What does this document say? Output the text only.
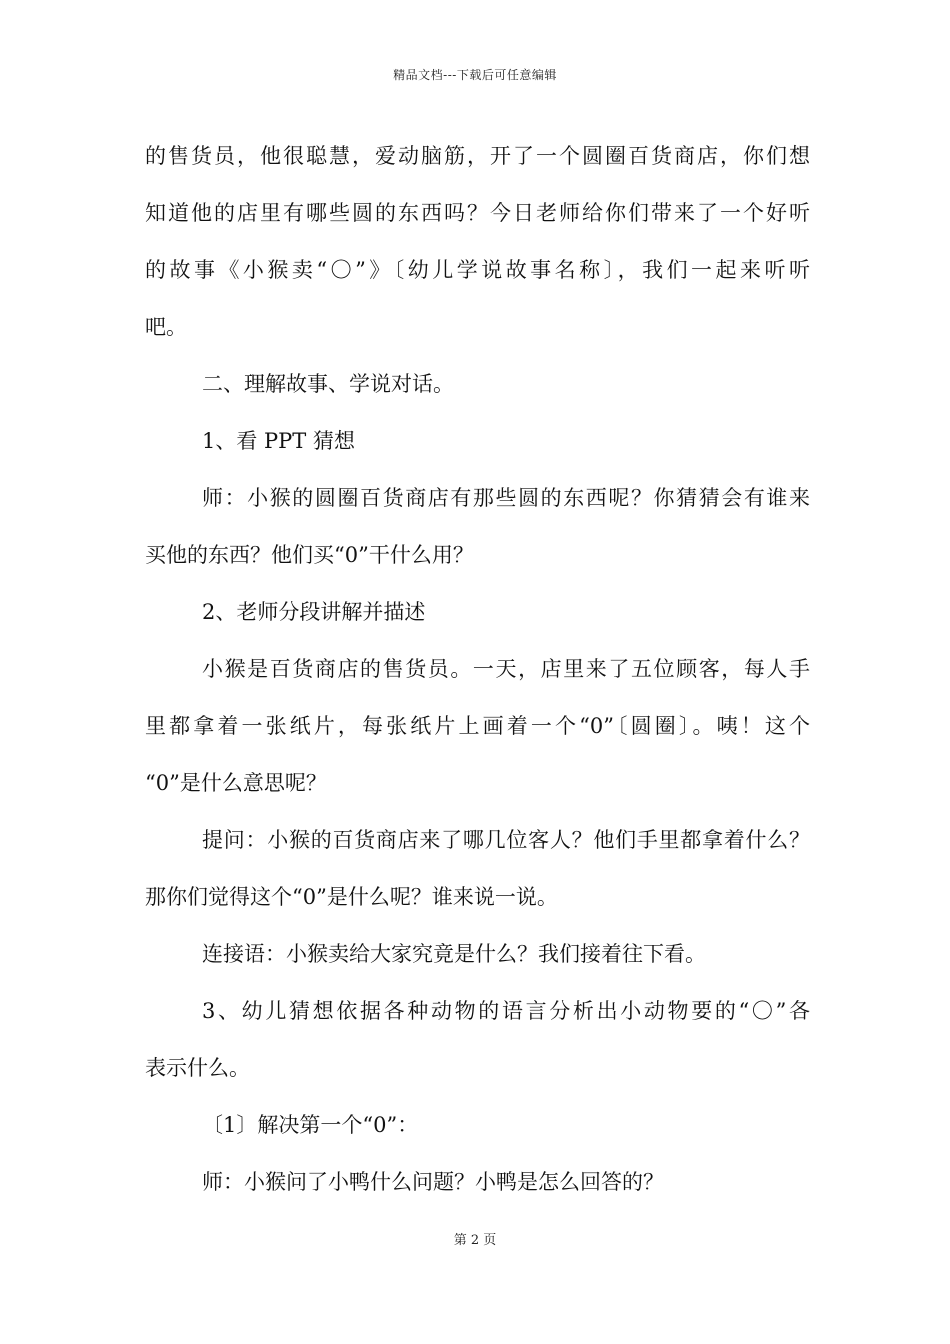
精品文档---下载后可任意编辑
的售货员，他很聪慧，爱动脑筋，开了一个圆圈百货商店，你们想
知道他的店里有哪些圆的东西吗？今日老师给你们带来了一个好听
的故事《小猴卖“〇”》〔幼儿学说故事名称〕，我们一起来听听
吧。
二、理解故事、学说对话。
1、看 PPT 猜想
师：小猴的圆圈百货商店有那些圆的东西呢？你猜猜会有谁来
买他的东西？他们买“0”干什么用？
2、老师分段讲解并描述
小猴是百货商店的售货员。一天，店里来了五位顾客，每人手
里都拿着一张纸片，每张纸片上画着一个“0”〔圆圈〕。咦！这个
“0”是什么意思呢？
提问：小猴的百货商店来了哪几位客人？他们手里都拿着什么？
那你们觉得这个“0”是什么呢？谁来说一说。
连接语：小猴卖给大家究竟是什么？我们接着往下看。
3、幼儿猜想依据各种动物的语言分析出小动物要的“〇”各
表示什么。
〔1〕解决第一个“0”：
师：小猴问了小鸭什么问题？小鸭是怎么回答的？
第 2 页
